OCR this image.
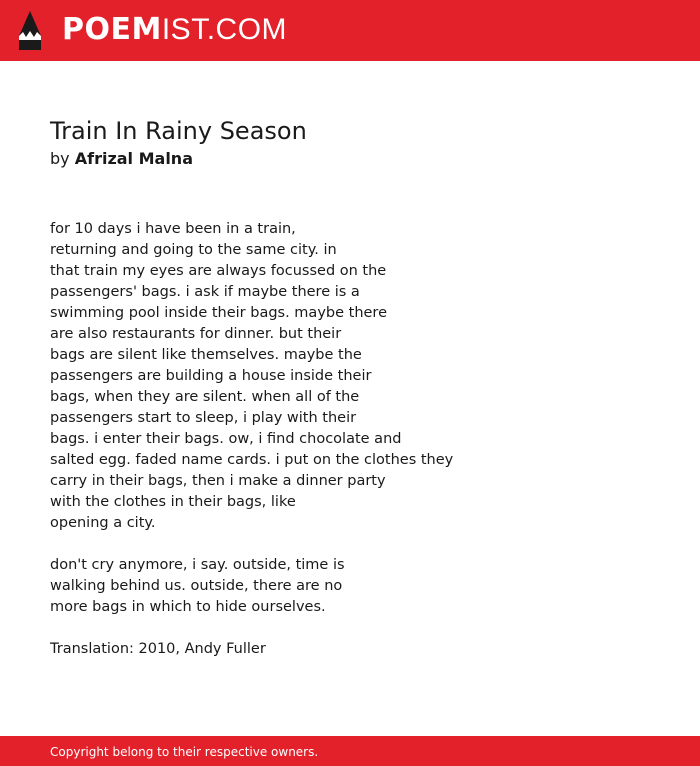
POEMIST.COM
Train In Rainy Season
by Afrizal Malna
for 10 days i have been in a train,
returning and going to the same city. in
that train my eyes are always focussed on the
passengers' bags. i ask if maybe there is a
swimming pool inside their bags. maybe there
are also restaurants for dinner. but their
bags are silent like themselves. maybe the
passengers are building a house inside their
bags, when they are silent. when all of the
passengers start to sleep, i play with their
bags. i enter their bags. ow, i find chocolate and
salted egg. faded name cards. i put on the clothes they
carry in their bags, then i make a dinner party
with the clothes in their bags, like
opening a city.
don't cry anymore, i say. outside, time is
walking behind us. outside, there are no
more bags in which to hide ourselves.
Translation: 2010, Andy Fuller
Copyright belong to their respective owners.
